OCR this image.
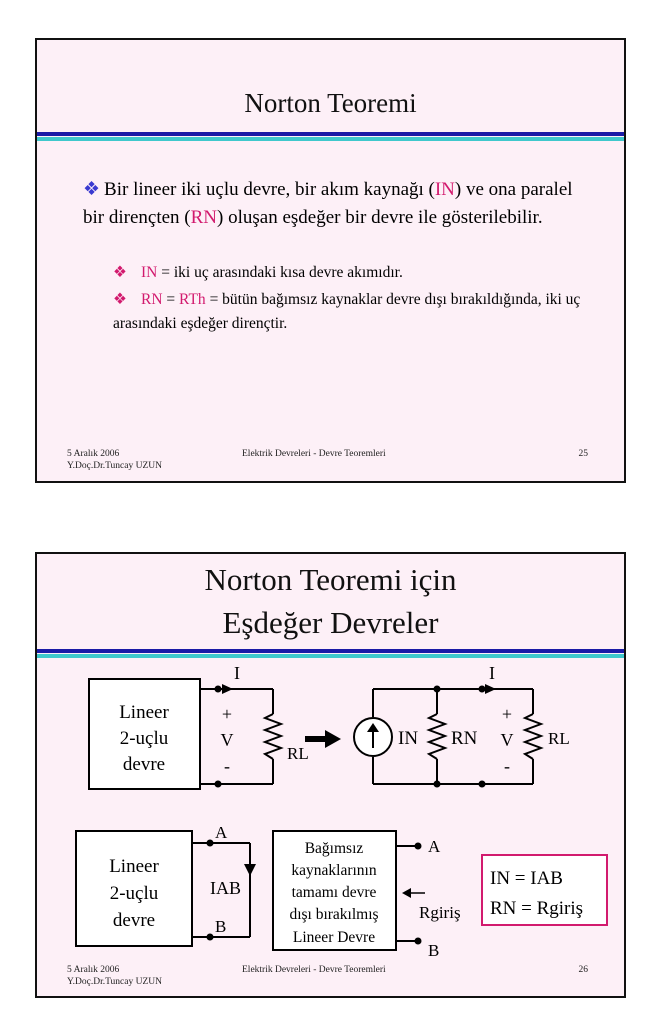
Norton Teoremi
❖ Bir lineer iki uçlu devre, bir akım kaynağı (IN) ve ona paralel bir dirençten (RN) oluşan eşdeğer bir devre ile gösterilebilir.
❖ IN = iki uç arasındaki kısa devre akımıdır.
❖ RN = RTh = bütün bağımsız kaynaklar devre dışı bırakıldığında, iki uç arasındaki eşdeğer dirençtir.
5 Aralık 2006
Y.Doç.Dr.Tuncay UZUN
Elektrik Devreleri - Devre Teoremleri	25
Norton Teoremi için
Eşdeğer Devreler
Lineer
2-uçlu
devre
I
+
V
-
RL
IN RN	RL
I
+
V
-
Lineer
2-uçlu
devre
A
B
IAB
Bağımsız
kaynaklarının
tamamı devre
dışı bırakılmış
Lineer Devre
A
B
Rgiriş
IN = IAB
RN = Rgiriş
5 Aralık 2006
Y.Doç.Dr.Tuncay UZUN
Elektrik Devreleri - Devre Teoremleri	26
